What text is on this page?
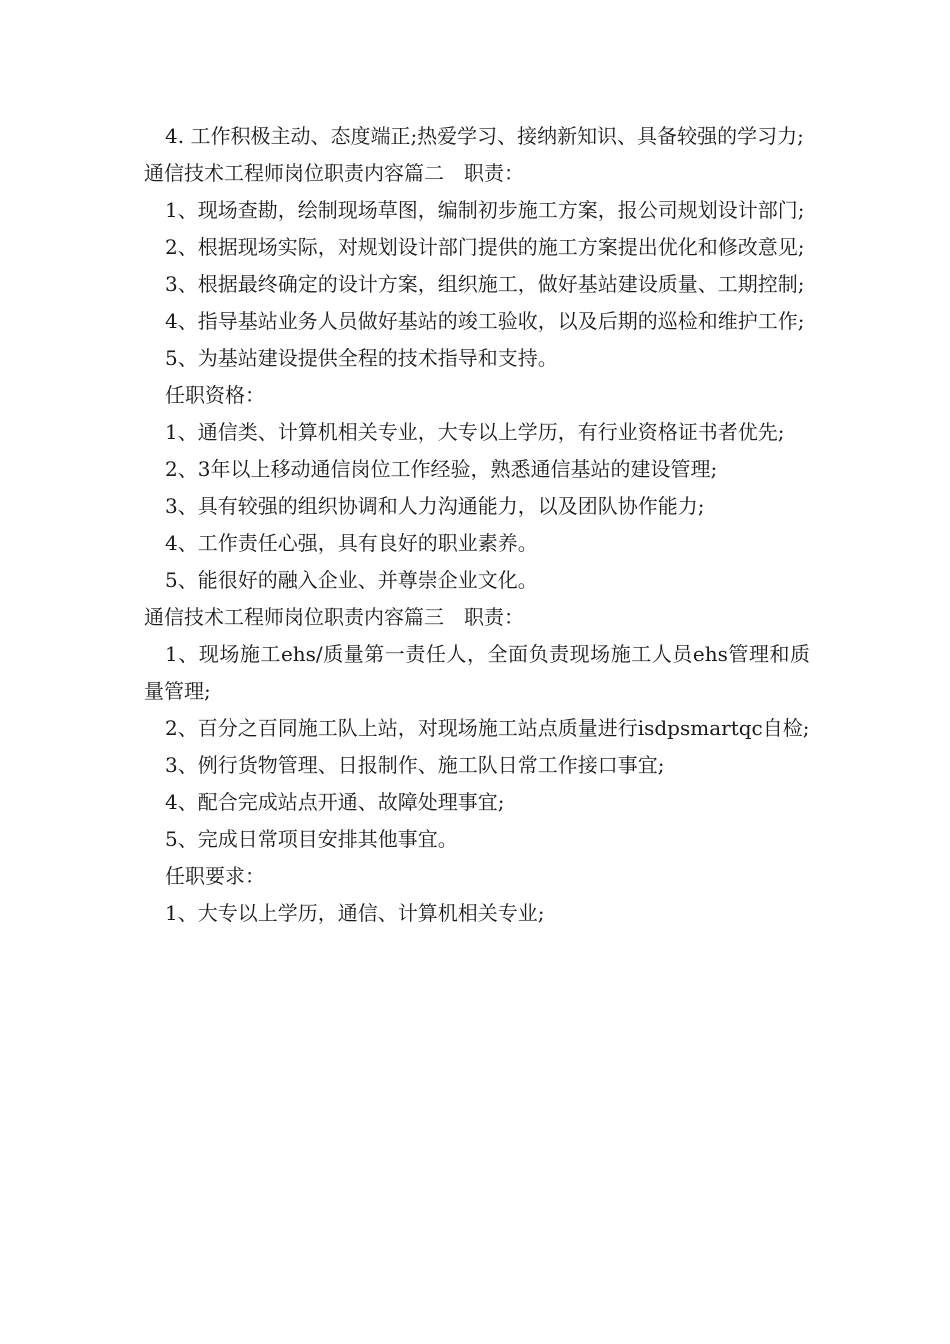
4. 工作积极主动、态度端正;热爱学习、接纳新知识、具备较强的学习力;

通信技术工程师岗位职责内容篇二　职责：

1、现场查勘，绘制现场草图，编制初步施工方案，报公司规划设计部门;

2、根据现场实际，对规划设计部门提供的施工方案提出优化和修改意见;

3、根据最终确定的设计方案，组织施工，做好基站建设质量、工期控制;

4、指导基站业务人员做好基站的竣工验收，以及后期的巡检和维护工作;

5、为基站建设提供全程的技术指导和支持。

任职资格：

1、通信类、计算机相关专业，大专以上学历，有行业资格证书者优先;

2、3年以上移动通信岗位工作经验，熟悉通信基站的建设管理;

3、具有较强的组织协调和人力沟通能力，以及团队协作能力;

4、工作责任心强，具有良好的职业素养。

5、能很好的融入企业、并尊崇企业文化。

通信技术工程师岗位职责内容篇三　职责：

1、现场施工ehs/质量第一责任人，全面负责现场施工人员ehs管理和质量管理;

2、百分之百同施工队上站，对现场施工站点质量进行isdpsmartqc自检;

3、例行货物管理、日报制作、施工队日常工作接口事宜;

4、配合完成站点开通、故障处理事宜;

5、完成日常项目安排其他事宜。

任职要求：

1、大专以上学历，通信、计算机相关专业;
